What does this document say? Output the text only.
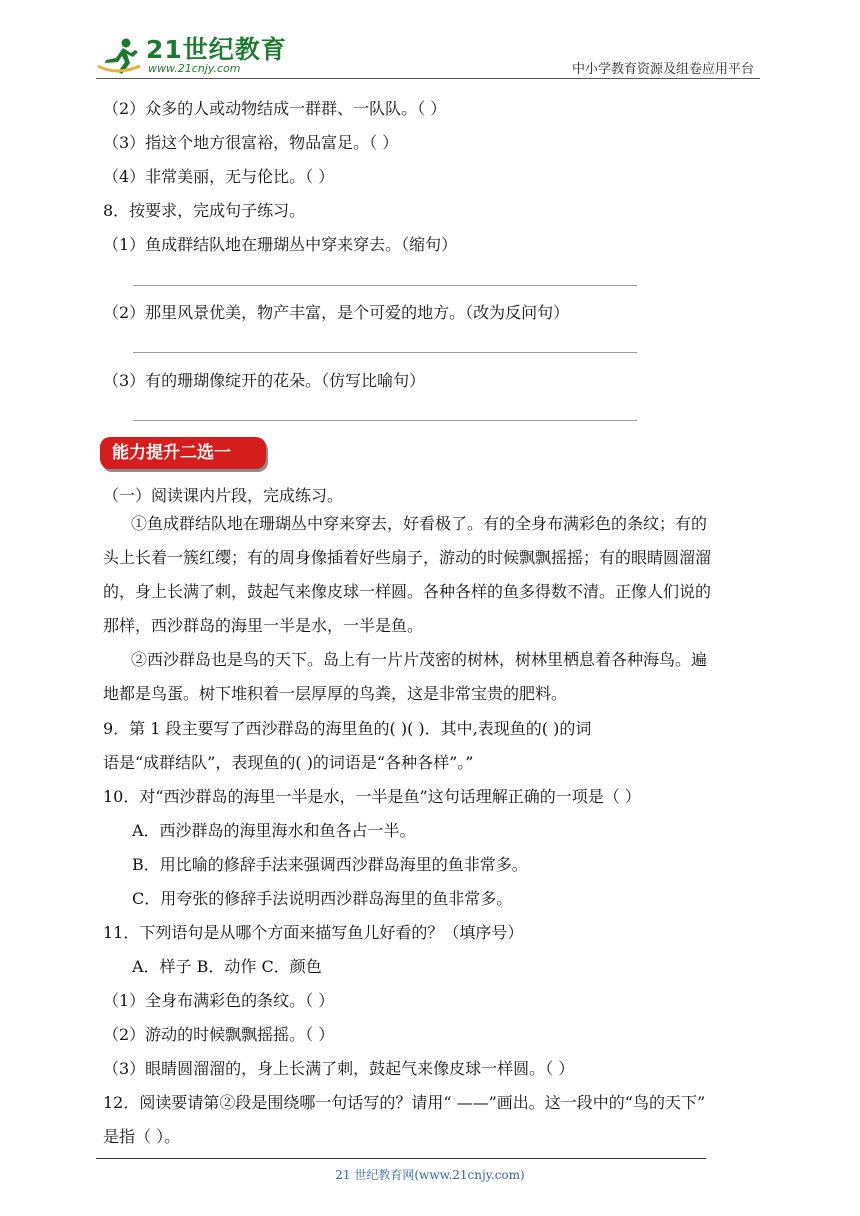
21世纪教育
www.21cnjy.com	中小学教育资源及组卷应用平台
（2）众多的人或动物结成一群群、一队队。（ ）
（3）指这个地方很富裕，物品富足。（ ）
（4）非常美丽，无与伦比。（ ）
8．按要求，完成句子练习。
（1）鱼成群结队地在珊瑚丛中穿来穿去。（缩句）
（2）那里风景优美，物产丰富，是个可爱的地方。（改为反问句）
（3）有的珊瑚像绽开的花朵。（仿写比喻句）
能力提升二选一
（一）阅读课内片段，完成练习。
①鱼成群结队地在珊瑚丛中穿来穿去，好看极了。有的全身布满彩色的条纹；有的
头上长着一簇红缨；有的周身像插着好些扇子，游动的时候飘飘摇摇；有的眼睛圆溜溜
的，身上长满了刺，鼓起气来像皮球一样圆。各种各样的鱼多得数不清。正像人们说的
那样，西沙群岛的海里一半是水，一半是鱼。
②西沙群岛也是鸟的天下。岛上有一片片茂密的树林，树林里栖息着各种海鸟。遍
地都是鸟蛋。树下堆积着一层厚厚的鸟粪，这是非常宝贵的肥料。
9．第 1 段主要写了西沙群岛的海里鱼的( )( )．其中,表现鱼的( )的词
语是“成群结队”，表现鱼的( )的词语是“各种各样”。”
10．对“西沙群岛的海里一半是水，一半是鱼”这句话理解正确的一项是（ ）
A．西沙群岛的海里海水和鱼各占一半。
B．用比喻的修辞手法来强调西沙群岛海里的鱼非常多。
C．用夸张的修辞手法说明西沙群岛海里的鱼非常多。
11．下列语句是从哪个方面来描写鱼儿好看的？（填序号）
A．样子 B．动作 C．颜色
（1）全身布满彩色的条纹。（ ）
（2）游动的时候飘飘摇摇。（ ）
（3）眼睛圆溜溜的，身上长满了刺，鼓起气来像皮球一样圆。（ ）
12．阅读要请第②段是围绕哪一句话写的？请用“ ——”画出。这一段中的“鸟的天下”
是指（ ）。
21 世纪教育网(www.21cnjy.com)
